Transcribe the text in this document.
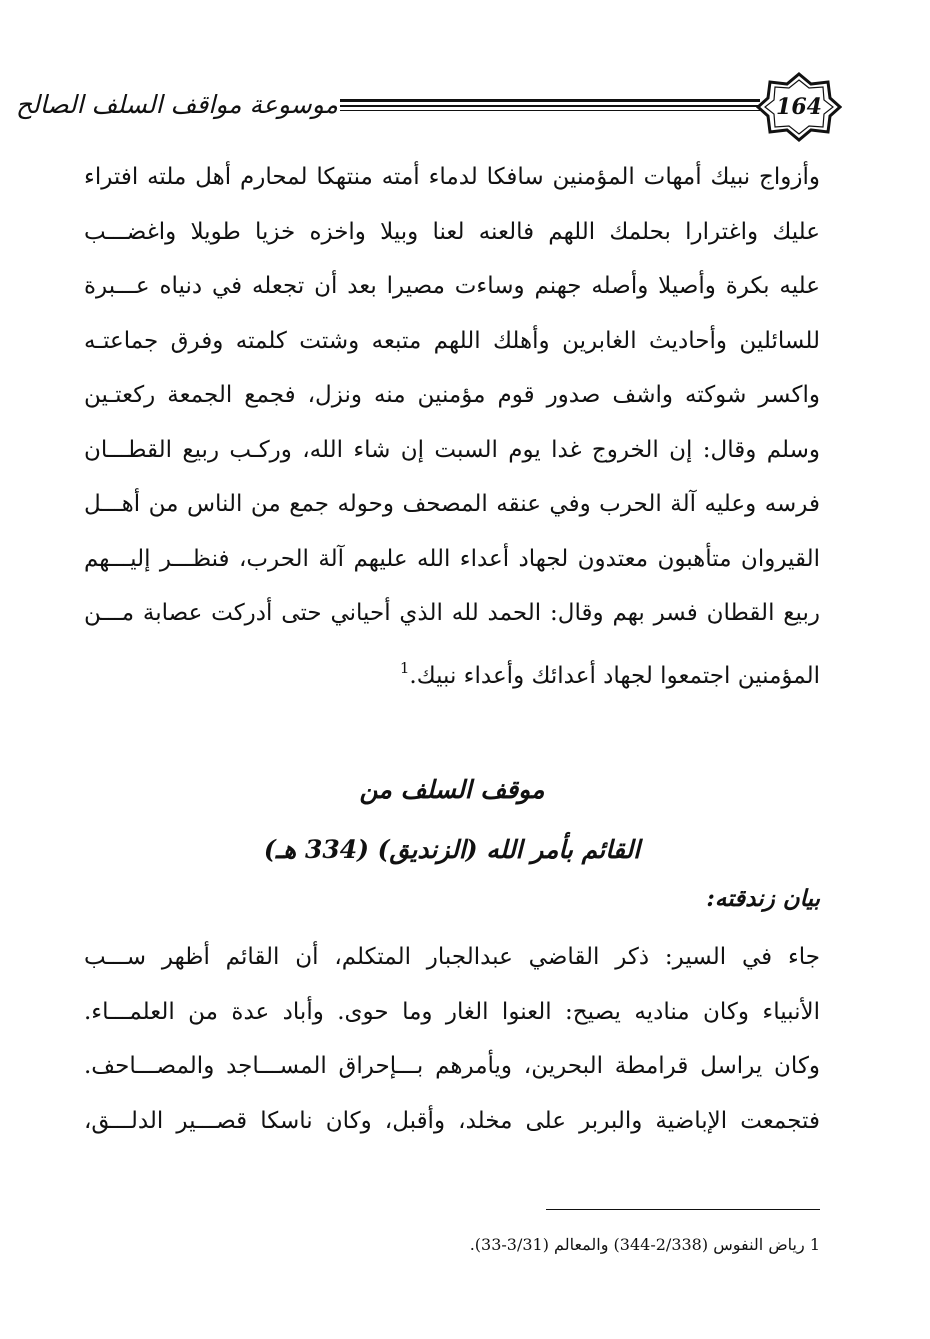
موسوعة مواقف السلف الصالح	164
وأزواج نبيك أمهات المؤمنين سافكا لدماء أمته منتهكا لمحارم أهل ملته افتراء
عليك واغترارا بحلمك اللهم فالعنه لعنا وبيلا واخزه خزيا طويلا واغضـــب
عليه بكرة وأصيلا وأصله جهنم وساءت مصيرا بعد أن تجعله في دنياه عـــبرة
للسائلين وأحاديث الغابرين وأهلك اللهم متبعه وشتت كلمته وفرق جماعتـه
واكسر شوكته واشف صدور قوم مؤمنين منه ونزل، فجمع الجمعة ركعتـين
وسلم وقال: إن الخروج غدا يوم السبت إن شاء الله، وركـب ربيع القطـــان
فرسه وعليه آلة الحرب وفي عنقه المصحف وحوله جمع من الناس من أهـــل
القيروان متأهبون معتدون لجهاد أعداء الله عليهم آلة الحرب، فنظـــر إليـــهم
ربيع القطان فسر بهم وقال: الحمد لله الذي أحياني حتى أدركت عصابة مـــن
المؤمنين اجتمعوا لجهاد أعدائك وأعداء نبيك.$^1$
موقف السلف من
القائم بأمر الله (الزنديق) (334 هـ)
بيان زندقته:
جاء في السير: ذكر القاضي عبدالجبار المتكلم، أن القائم أظهر ســـب
الأنبياء وكان مناديه يصيح: العنوا الغار وما حوى. وأباد عدة من العلمـــاء.
وكان يراسل قرامطة البحرين، ويأمرهم بـــإحراق المســـاجد والمصـــاحف.
فتجمعت الإباضية والبربر على مخلد، وأقبل، وكان ناسكا قصـــير الدلـــق،
1 رياض النفوس (2/338-344) والمعالم (3/31-33).
